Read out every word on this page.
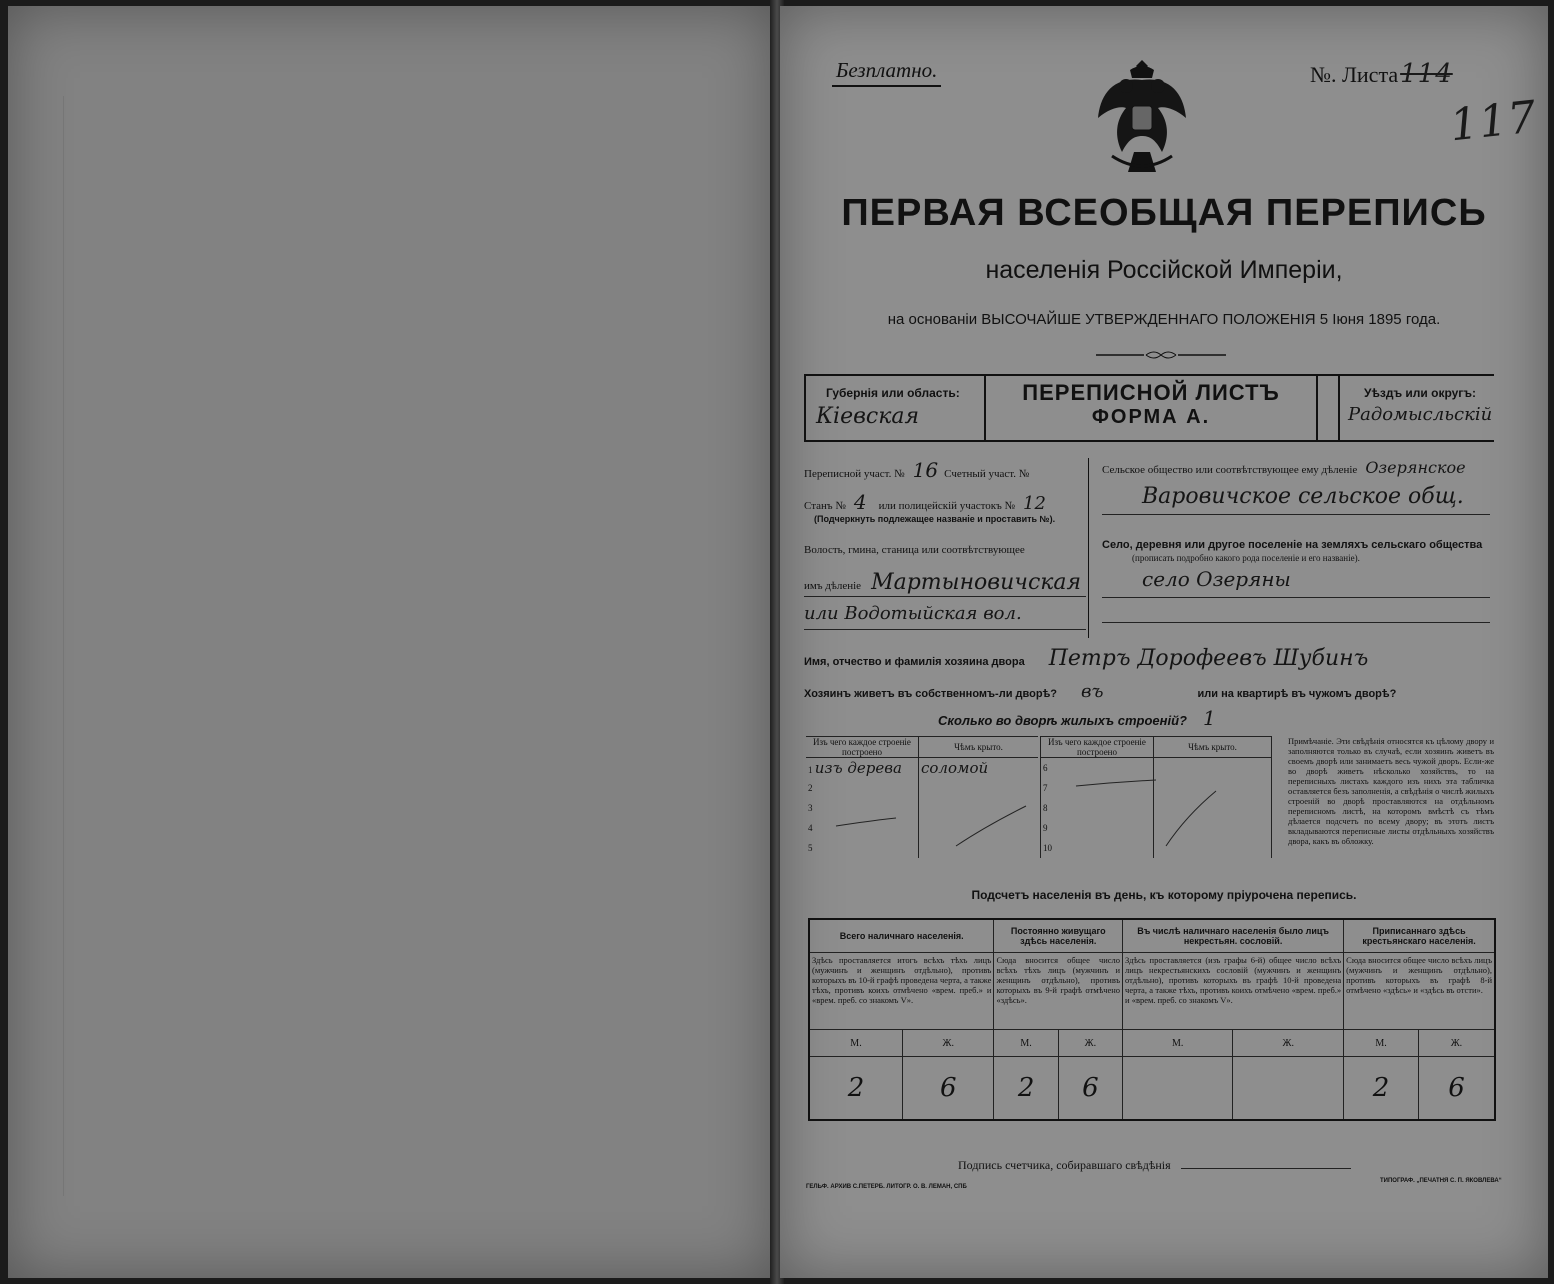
Безплатно.	№. Листа114
117
ПЕРВАЯ ВСЕОБЩАЯ ПЕРЕПИСЬ
населенія Россійской Имперіи,
на основаніи ВЫСОЧАЙШЕ УТВЕРЖДЕННАГО ПОЛОЖЕНІЯ 5 Іюня 1895 года.
Губернія или область:
Кіевская
ПЕРЕПИСНОЙ ЛИСТЪ
ФОРМА А.
Уѣздъ или округъ:
Радомысльскій
Переписной участ. № 16 Счетный участ. №
Станъ № 4 или полицейскій участокъ № 12
(Подчеркнуть подлежащее названіе и проставить №).
Волость, гмина, станица или соотвѣтствующее
имъ дѣленіе Мартыновичская
или Водотыйская вол.
Сельское общество или соотвѣтствующее ему дѣленіе Озерянское
Варовичское сельское общ.
Село, деревня или другое поселеніе на земляхъ сельскаго общества
(прописать подробно какого рода поселеніе и его названіе).
село Озеряны
Имя, отчество и фамилія хозяина двора Петръ Дорофеевъ Шубинъ
Хозяинъ живетъ въ собственномъ-ли дворѣ? въ	или на квартирѣ въ чужомъ дворѣ?
Сколько во дворѣ жилыхъ строеній? 1
Изъ чего каждое строеніе построено	Чѣмъ крыто.
1 изъ дерева	соломой
2	
3	
4	
5	
Изъ чего каждое строеніе построено	Чѣмъ крыто.
6	
7	
8	
9	
10	
Примѣчаніе. Эти свѣдѣнія относятся къ цѣлому двору и заполняются только въ случаѣ, если хозяинъ живетъ въ своемъ дворѣ или занимаетъ весь чужой дворъ. Если-же во дворѣ живетъ нѣсколько хозяйствъ, то на переписныхъ листахъ каждого изъ нихъ эта табличка оставляется безъ заполненія, а свѣдѣнія о числѣ жилыхъ строеній во дворѣ проставляются на отдѣльномъ переписномъ листѣ, на которомъ вмѣстѣ съ тѣмъ дѣлается подсчетъ по всему двору; въ этотъ листъ вкладываются переписные листы отдѣльныхъ хозяйствъ двора, какъ въ обложку.
Подсчетъ населенія въ день, къ которому пріурочена перепись.
Всего наличнаго населенія.		Постоянно живущаго здѣсь населенія.		Въ числѣ наличнаго населенія было лицъ некрестьян. сословій.		Приписаннаго здѣсь крестьянскаго населенія.	
Здѣсь проставляется итогъ всѣхъ тѣхъ лицъ (мужчинъ и женщинъ отдѣльно), противъ которыхъ въ 10-й графѣ проведена черта, а также тѣхъ, противъ коихъ отмѣчено «врем. преб.» и «врем. преб. со знакомъ V».		Сюда вносится общее число всѣхъ тѣхъ лицъ (мужчинъ и женщинъ отдѣльно), противъ которыхъ въ 9-й графѣ отмѣчено «здѣсь».		Здѣсь проставляется (изъ графы 6-й) общее число всѣхъ лицъ некрестьянскихъ сословій (мужчинъ и женщинъ отдѣльно), противъ которыхъ въ графѣ 10-й проведена черта, а также тѣхъ, противъ коихъ отмѣчено «врем. преб.» и «врем. преб. со знакомъ V».		Сюда вносится общее число всѣхъ лицъ (мужчинъ и женщинъ отдѣльно), противъ которыхъ въ графѣ 8-й отмѣчено «здѣсь» и «здѣсь въ отсти».	
М.	Ж.	М.	Ж.	М.	Ж.	М.	Ж.
2	6	2	6			2	6
Подпись счетчика, собиравшаго свѣдѣнія
ГЕЛЬФ. АРХИВ С.ПЕТЕРБ. ЛИТОГР. О. В. ЛЕМАН, СПБ
ТИПОГРАФ. „ПЕЧАТНЯ С. П. ЯКОВЛЕВА“
